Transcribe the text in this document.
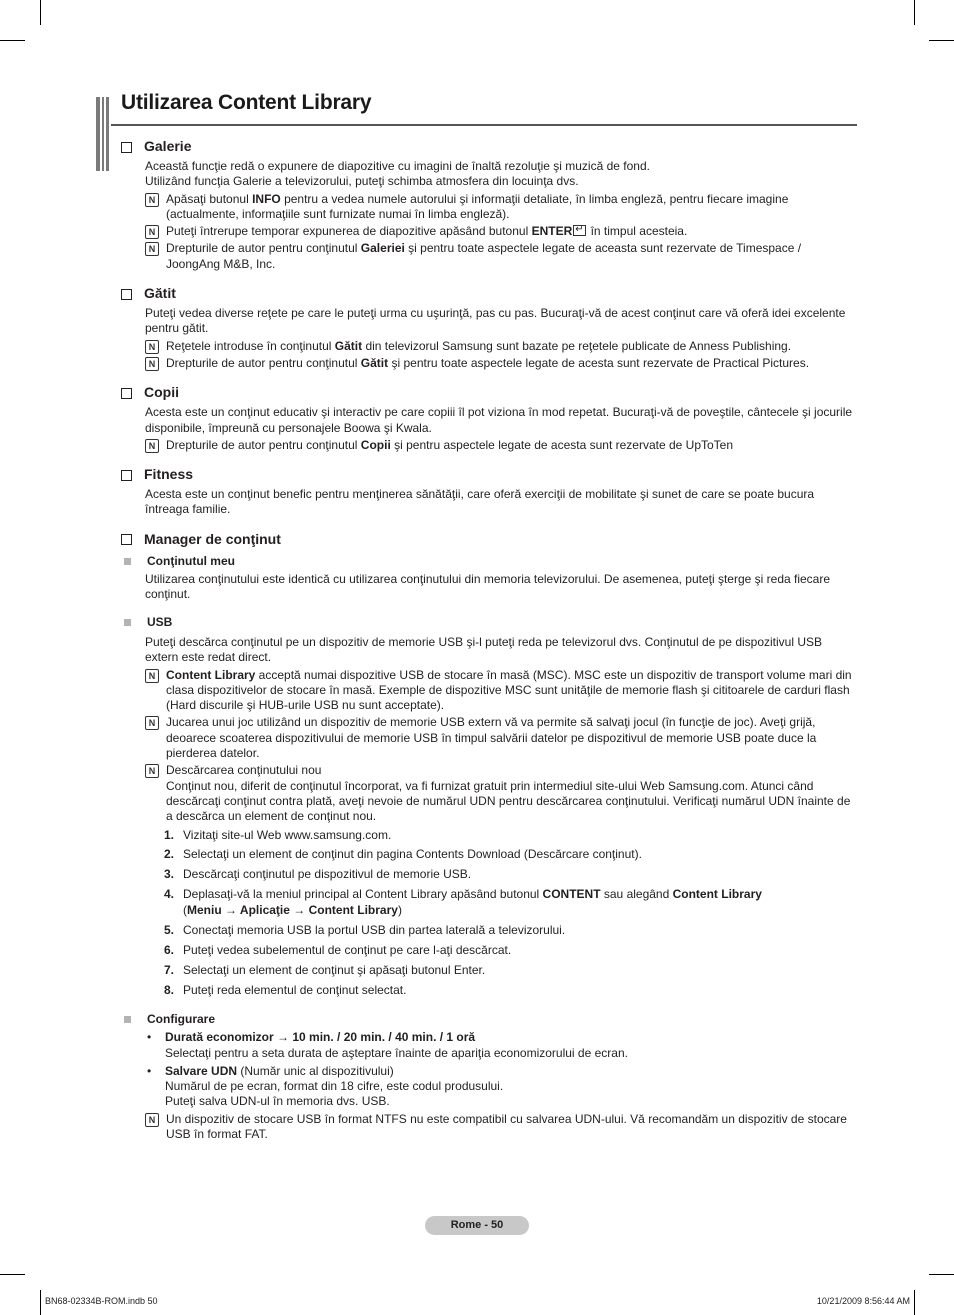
Utilizarea Content Library
Galerie
Această funcţie redă o expunere de diapozitive cu imagini de înaltă rezoluţie şi muzică de fond.
Utilizând funcţia Galerie a televizorului, puteţi schimba atmosfera din locuinţa dvs.
N Apăsaţi butonul INFO pentru a vedea numele autorului şi informaţii detaliate, în limba engleză, pentru fiecare imagine (actualmente, informaţiile sunt furnizate numai în limba engleză).
N Puteţi întrerupe temporar expunerea de diapozitive apăsând butonul ENTER↵ în timpul acesteia.
N Drepturile de autor pentru conţinutul Galeriei şi pentru toate aspectele legate de aceasta sunt rezervate de Timespace / JoongAng M&B, Inc.
Gătit
Puteţi vedea diverse reţete pe care le puteţi urma cu uşurinţă, pas cu pas. Bucuraţi-vă de acest conţinut care vă oferă idei excelente pentru gătit.
N Reţetele introduse în conţinutul Gătit din televizorul Samsung sunt bazate pe reţetele publicate de Anness Publishing.
N Drepturile de autor pentru conţinutul Gătit şi pentru toate aspectele legate de acesta sunt rezervate de Practical Pictures.
Copii
Acesta este un conţinut educativ şi interactiv pe care copiii îl pot viziona în mod repetat. Bucuraţi-vă de poveştile, cântecele şi jocurile disponibile, împreună cu personajele Boowa şi Kwala.
N Drepturile de autor pentru conţinutul Copii şi pentru aspectele legate de acesta sunt rezervate de UpToTen
Fitness
Acesta este un conţinut benefic pentru menţinerea sănătăţii, care oferă exerciţii de mobilitate şi sunet de care se poate bucura întreaga familie.
Manager de conţinut
Conţinutul meu
Utilizarea conţinutului este identică cu utilizarea conţinutului din memoria televizorului. De asemenea, puteţi şterge şi reda fiecare conţinut.
USB
Puteţi descărca conţinutul pe un dispozitiv de memorie USB şi-l puteţi reda pe televizorul dvs. Conţinutul de pe dispozitivul USB extern este redat direct.
N Content Library acceptă numai dispozitive USB de stocare în masă (MSC). MSC este un dispozitiv de transport volume mari din clasa dispozitivelor de stocare în masă. Exemple de dispozitive MSC sunt unităţile de memorie flash şi cititoarele de carduri flash (Hard discurile şi HUB-urile USB nu sunt acceptate).
N Jucarea unui joc utilizând un dispozitiv de memorie USB extern vă va permite să salvaţi jocul (în funcţie de joc). Aveţi grijă, deoarece scoaterea dispozitivului de memorie USB în timpul salvării datelor pe dispozitivul de memorie USB poate duce la pierderea datelor.
N Descărcarea conţinutului nou
Conţinut nou, diferit de conţinutul încorporat, va fi furnizat gratuit prin intermediul site-ului Web Samsung.com. Atunci când descărcaţi conţinut contra plată, aveţi nevoie de numărul UDN pentru descărcarea conţinutului. Verificaţi numărul UDN înainte de a descărca un element de conţinut nou.
1. Vizitaţi site-ul Web www.samsung.com.
2. Selectaţi un element de conţinut din pagina Contents Download (Descărcare conţinut).
3. Descărcaţi conţinutul pe dispozitivul de memorie USB.
4. Deplasaţi-vă la meniul principal al Content Library apăsând butonul CONTENT sau alegând Content Library
(Meniu → Aplicaţie → Content Library)
5. Conectaţi memoria USB la portul USB din partea laterală a televizorului.
6. Puteţi vedea subelementul de conţinut pe care l-aţi descărcat.
7. Selectaţi un element de conţinut şi apăsaţi butonul Enter.
8. Puteţi reda elementul de conţinut selectat.
Configurare
•	Durată economizor → 10 min. / 20 min. / 40 min. / 1 oră
Selectaţi pentru a seta durata de aşteptare înainte de apariţia economizorului de ecran.
•	Salvare UDN (Număr unic al dispozitivului)
Numărul de pe ecran, format din 18 cifre, este codul produsului.
Puteţi salva UDN-ul în memoria dvs. USB.
N Un dispozitiv de stocare USB în format NTFS nu este compatibil cu salvarea UDN-ului. Vă recomandăm un dispozitiv de stocare USB în format FAT.
Rome - 50
BN68-02334B-ROM.indb 50	10/21/2009 8:56:44 AM
